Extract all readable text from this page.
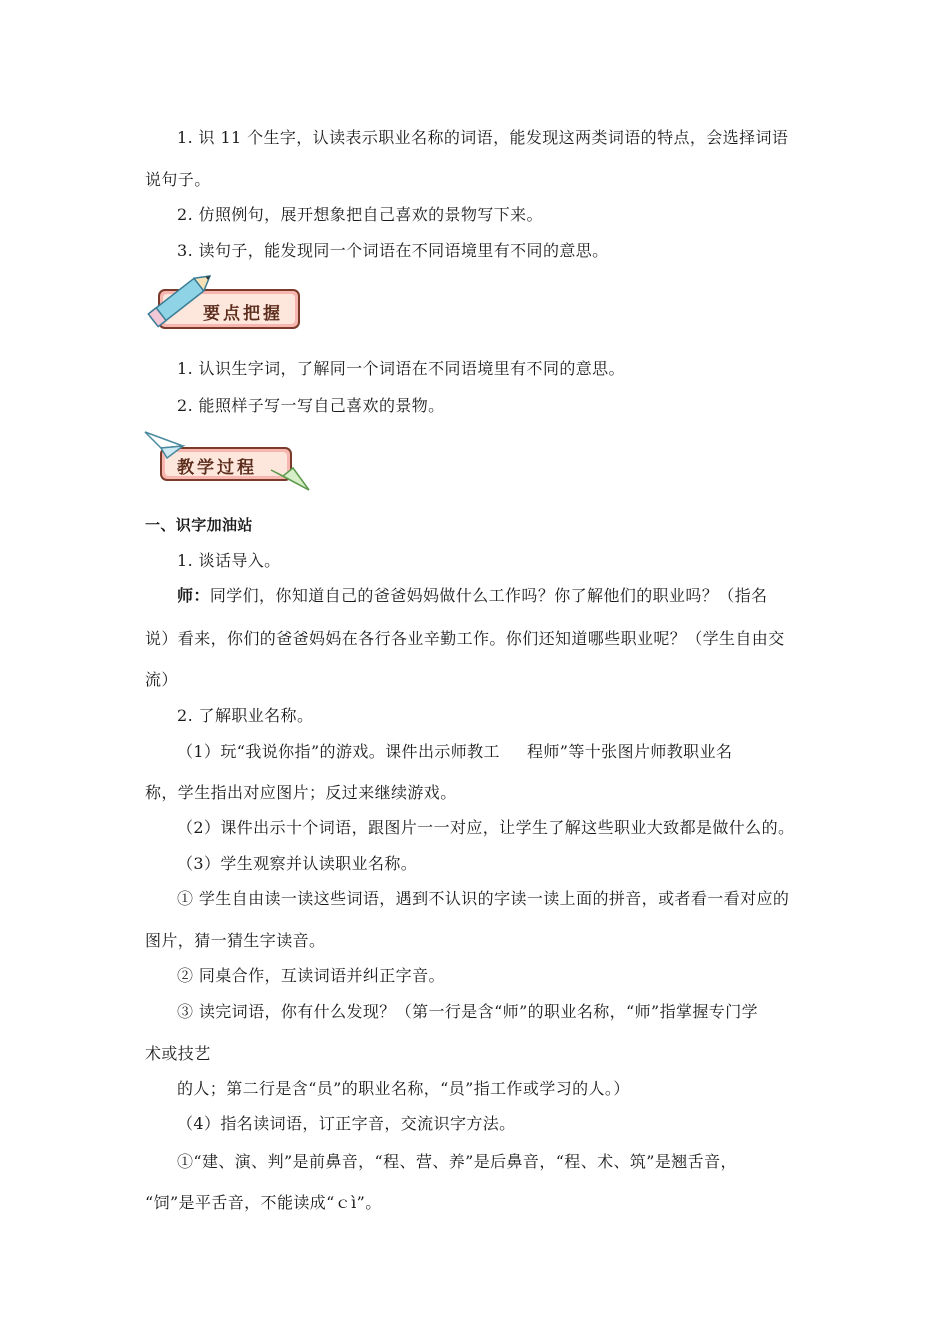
1. 识 11 个生字，认读表示职业名称的词语，能发现这两类词语的特点，会选择词语
说句子。
2. 仿照例句，展开想象把自己喜欢的景物写下来。
3. 读句子，能发现同一个词语在不同语境里有不同的意思。
要点把握
1. 认识生字词，了解同一个词语在不同语境里有不同的意思。
2. 能照样子写一写自己喜欢的景物。
教学过程
一、识字加油站
1. 谈话导入。
师：同学们，你知道自己的爸爸妈妈做什么工作吗？你了解他们的职业吗？（指名
说）看来，你们的爸爸妈妈在各行各业辛勤工作。你们还知道哪些职业呢？（学生自由交
流）
2. 了解职业名称。
（1）玩“我说你指”的游戏。课件出示师教工 程师”等十张图片师教职业名
称，学生指出对应图片；反过来继续游戏。
（2）课件出示十个词语，跟图片一一对应，让学生了解这些职业大致都是做什么的。
（3）学生观察并认读职业名称。
① 学生自由读一读这些词语，遇到不认识的字读一读上面的拼音，或者看一看对应的
图片，猜一猜生字读音。
② 同桌合作，互读词语并纠正字音。
③ 读完词语，你有什么发现？（第一行是含“师”的职业名称，“师”指掌握专门学
术或技艺
的人；第二行是含“员”的职业名称，“员”指工作或学习的人。）
（4）指名读词语，订正字音，交流识字方法。
①“建、演、判”是前鼻音，“程、营、养”是后鼻音，“程、术、筑”是翘舌音，
“饲”是平舌音，不能读成“ｃì”。
